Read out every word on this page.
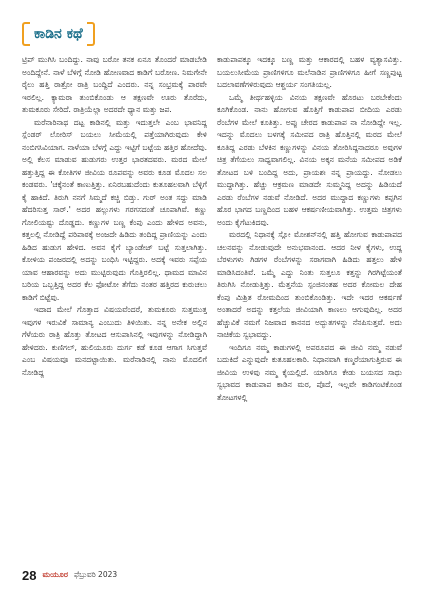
ಕಾಡಿನ ಕಥೆ

ಟ್ರಿಪ್ ಮುಗಿಸಿ ಬಂದಿದ್ದು. ನಾವು ಬರೋ ತನಕ ಏನೂ ತೊಂದರೆ ಮಾಡಬೇಡಿ ಅಂದಿದ್ದೇನೆ. ನಾಳೆ ಬೆಳಿಗ್ಗೆ ನೋಡಿ ಹೋಣವಾದ ಕಾಡಿಗೆ ಬರೋಣ. ನಿಮಗೇನೇ ರೈಲು ಹತ್ತಿ ರಾತ್ರೋ ರಾತ್ರಿ ಬಂದ್ದಿದೆ ಎಂದರು. ನನ್ನ ಸಂಭ್ರಮಕ್ಕೆ ಪಾರವೇ ಇರಲಿಲ್ಲ. ಕ್ಯಾಮರಾ ತುಂಬಿಕೊಂಡು ಆ ತಕ್ಷಣವೇ ಊರು ತೊರೆದು, ತುಮಕೂರು ಸೇರಿದೆ. ರಾತ್ರಿಯೆಲ್ಲಾ ಅದರದೇ ಧ್ಯಾನ ಮತ್ತು ಜಪ.

ಮರೆನಾರಿನಾಥ ದಟ್ಟ ಕಾಡಿನಲ್ಲಿ ಮತ್ತು ಇದುತ್ತಲೇ ಎಂಬ ಭಾವನಿದ್ದ ಸ್ಲೆಂಡರ್ ಲೋರಿಸ್ ಬಯಲು ಸೀಮೆಯಲ್ಲಿ ಪತ್ತೆಯಾಗಿರುವುದು ಕೇಳಿ ನಂಬಿಗಸಿವಿಯಾಗ. ನಾಳೆಯಾ ಬೆಳಗ್ಗೆ ಎದ್ದು ಇಟ್ಟಿಗೆ ಬಟ್ಟೆಯ ಹತ್ತಿರ ಹೋದೆವು. ಅಲ್ಲಿ ಕೆಲಸ ಮಾಡುವ ಹುಡುಗರು ಉತ್ತರ ಭಾರತದವರು. ಮರದ ಮೇಲೆ ಹತ್ತುತ್ತಿದ್ದ ಈ ಕೋತಿಗಳ ಜೀವಿಯ ರೂಪವನ್ನು ಅವರು ಕೂಡ ಮೊದಲ ಸಲ ಕಂಡವರು. 'ಚಕ್ಕೆನಂತೆ ಕಾಣುತ್ತಿತ್ತು. ಏನಿರಬಹುದೆಂದು ಕುತೂಹಲವಾಗಿ ಬೆಳ್ಳಿಗೆ ಕೈ ಹಾಕಿದೆ. ತಿರುಗಿ ನನಗೆ ಸಿಮ್ಮದೆ ಕಚ್ಚಿ ಬಿಡ್ತು. ಗುರ್ ಅಂತ ಸದ್ದು ಮಾಡಿ ಹೆದರಿಸುತ್ತ ಸಾರ್.' ಅದರ ಹಲ್ಲುಗಳು ಗರಗಸದಂತೆ ಚೂಪಾಗಿವೆ. ಕಣ್ಣು ಗೋಲಿಯಷ್ಟು ದೊಡ್ಡದು. ಕಣ್ಣುಗಳ ಬಣ್ಣ ಕೆಂಪು ಎಂದು ಹೇಳಿದ ಅವನು, ಕತ್ತಲಲ್ಲಿ ನೋಡಿದ್ದೆ ಪರಿಪಾಠಕ್ಕೆ ಅಂಜದೇ ಹಿಡಿದು ತಂದಿದ್ದ ಪ್ರಾಣಿಯನ್ನು ಎಂದು ಹಿಡಿದ ಹುಡುಗ ಹೇಳಿದ. ಅವನ ಕೈಗೆ ಬ್ಯಾಂಡೇಜ್ ಬಟ್ಟೆ ಸುತ್ತಲಾಗಿತ್ತು. ಕೋಳಿಯ ಪಂಜರದಲ್ಲಿ ಅದನ್ನು ಬಂಧಿಸಿ ಇಟ್ಟಿದ್ದರು. ಅದಕ್ಕೆ ಇವರು ಸಪ್ಪೆಯ ಯಾವ ಆಹಾರವನ್ನು ಅದು ಮುಟ್ಟಿರುವುದು ಗೊತ್ತಿರಲಿಲ್ಲ. ಧಾಮದ ಮಾವಿನ ಬರಿಯ ಒಬ್ಬತ್ತಿದ್ದ ಅದರ ಕೆಲ ಫೋಟೋ ತೆಗೆದು ನಂತರ ಹತ್ತಿರದ ಕುರುಚಲು ಕಾಡಿಗೆ ಬಿಟ್ಟೆವು.

ಇದಾದ ಮೇಲೆ ಗೊತ್ತಾದ ವಿಷಯವೆಂದರೆ, ತುಮಕೂರು ಸುತ್ತಮುತ್ತ ಇವುಗಳ ಇರುವಿಕೆ ಸಾಮಾನ್ಯ ಎಂಬುದು ತಿಳಿಯಿತು. ನನ್ನ ಅನೇಕ ಅಲ್ಲಿನ ಗೆಳೆಯರು ರಾತ್ರಿ ಹೊತ್ತು ತೋಟದ ಆಸುಪಾಸಿನಲ್ಲಿ ಇವುಗಳನ್ನು ನೋಡಿದ್ದಾಗಿ ಹೇಳಿದರು. ಕುಣಿಗಲ್, ಹುಲಿಯೂರು ದುರ್ಗ ಕಡೆ ಕೂಡ ಆಗಾಗ ಸಿಗುತ್ತವೆ ಎಂಬ ವಿಷಯವೂ ಮನದಟ್ಟಾಯಿತು. ಮರೆನಾಡಿನಲ್ಲಿ ನಾನು ಮೊದಲಿಗೆ ನೋಡಿದ್ದ

ಕಾಡುಪಾಪಕ್ಕೂ ಇದಕ್ಕೂ ಬಣ್ಣ ಮತ್ತು ಆಕಾರದಲ್ಲಿ ಬಹಳ ವ್ಯತ್ಯಾಸವಿತ್ತು. ಬಯಲುಸೀಮೆಯ ಪ್ರಾಣಿಗಳಿಗೂ ಮಲೆನಾಡಿನ ಪ್ರಾಣಿಗಳಿಗೂ ಹೀಗೆ ಸಣ್ಣಪುಟ್ಟ ಬದಲಾವಣೆಗಳಿರುವುದು ಆಶ್ಚರ್ಯ ಸಂಗತಿಯಲ್ಲ.

ಒಮ್ಮೆ ತೀರ್ಥಹಳ್ಳಿಯ ವಿನಯ ತಕ್ಷಣವೇ ಹೊರಟು ಬರಬೇಕೆಂದು ಕೂಗಿಕೊಂಡ. ನಾನು ಹೋಗುವ ಹೊತ್ತಿಗೆ ಕಾಡುಪಾಪ ಬೀದಿಯ ಎರಡು ರೆಂಬೆಗಳ ಮೇಲೆ ಕೂತಿತ್ತು. ಅಪ್ಪು ಚೇರದ ಕಾಡುಪಾಪ ನಾ ನೋಡಿದ್ದೇ ಇಲ್ಲ. ಇದನ್ನು ಮೊದಲು ಬಳಗಕ್ಕೆ ಸಮೀಪದ ರಾತ್ರಿ ಹೊತ್ತಿನಲ್ಲಿ ಮರದ ಮೇಲೆ ಕೂತಿದ್ದ ಎರಡು ಬೆಳಕಿನ ಕಣ್ಣುಗಳನ್ನು ವಿನಯ ತೋರಿಸಿದ್ದನಾದರೂ ಅವುಗಳ ಚಿತ್ರ ತೆಗೆಯಲು ಸಾಧ್ಯವಾಗಲಿಲ್ಲ. ವಿನಯ ಅಕ್ಕನ ಮನೆಯ ಸಮೀಪದ ಅಡಿಕೆ ತೋಟದ ಬಳಿ ಬಂದಿದ್ದ ಅದು, ಪ್ರಾಯಶಃ ನನ್ನ ಪ್ರಾಯದ್ದು. ನೋಡಲು ಮುದ್ದಾಗಿತ್ತು. ಹೆಚ್ಚು ಆಕ್ರಮಣ ಮಾಡದೇ ಸುಮ್ಮನಿದ್ದ ಅದನ್ನು ಹಿಡಿಯದೆ ಎರಡು ರೆಂಬೆಗಳ ನಡುವೆ ನೋಡಿದೆ. ಅದರ ಮುದ್ದಾದ ಕಣ್ಣುಗಳು ಕಪ್ಪಗಿನ ಹೊರ ಭಾಗದ ಬಣ್ಣದಿಂದ ಬಹಳ ಆಕರ್ಷಣೀಯವಾಗಿತ್ತು. ಉತ್ತಮ ಚಿತ್ರಗಳು ಅಂದು ಕೈಗೆಟುಕಿದವು.

ಮರದಲ್ಲಿ ನಿಧಾನಕ್ಕೆ ಸ್ಲೋ ಮೋಶನ್‌ನಲ್ಲಿ ಹತ್ತಿ ಹೋಗುವ ಕಾಡುಪಾಪದ ಚಲನವನ್ನು ನೋಡುವುದೇ ಅನುಭವಾನಂದ. ಆದರ ನೀಳ ಕೈಗಳು, ಉದ್ದ ಬೆರಳುಗಳು ಗಿಡಗಳ ರೆಂಬೆಗಳನ್ನು ಸರಾಗವಾಗಿ ಹಿಡಿದು ಹತ್ತಲು ಹೇಳಿ ಮಾಡಿಸಿದಂತಿವೆ. ಒಮ್ಮೆ ಎದ್ದು ನಿಂತು ಸುತ್ತಲೂ ಕತ್ತನ್ನು ಗಿರಗಿಟ್ಟೆಯಂತೆ ತಿರುಗಿಸಿ ನೋಡುತ್ತಿತ್ತು. ಮೆತ್ತನೆಯ ಸ್ಪಂಜಿನಂತಹ ಅದರ ಕೋಮಲ ದೇಹ ಕೆಂಪು ಮಿಶ್ರಿತ ರೋಮದಿಂದ ತುಂಬಿಕೊಂಡಿತ್ತು. ಇದೇ ಇದರ ಆಕರ್ಷಣೆ ಅಂತಾದರೆ ಅದನ್ನು ಕತ್ತಲೆಯ ಜೀವಿಯಾಗಿ ಕಾಣಲು ಆಗುವುದಿಲ್ಲ. ಅದರ ಹೆಚ್ಚುವಿಕೆ ನಮಗೆ ನಿಜವಾದ ಕಾನನದ ಅದ್ಭುತಗಳನ್ನು ನೆನಪಿಸುತ್ತವೆ. ಅದು ನಾಚಿಕೆಯ ಸ್ವಭಾವದ್ದು.

ಇಂದಿಗೂ ನಮ್ಮ ಕಾಡುಗಳಲ್ಲಿ ಅಪರೂಪದ ಈ ಜೀವಿ ನಮ್ಮ ನಡುವೆ ಬದುಕಿದೆ ಎನ್ನುವುದೇ ಕುತೂಹಲಕಾರಿ. ನಿಧಾನವಾಗಿ ಕಣ್ಮರೆಯಾಗುತ್ತಿರುವ ಈ ಜೀವಿಯ ಉಳಿವು ನಮ್ಮ ಕೈಯಲ್ಲಿದೆ. ಯಾರಿಗೂ ಕೇಡು ಬಯಸದ ಸಾಧು ಸ್ವಭಾವದ ಕಾಡುಪಾಪ ಕಾಡಿನ ಮರ, ಪೊದೆ, ಇಲ್ಲವೇ ಕಾಡಿಗಂಟಿಕೊಂಡ ತೋಟಗಳಲ್ಲಿ

28 ಮಯೂರ ಫೆಬ್ರುವರಿ 2023
